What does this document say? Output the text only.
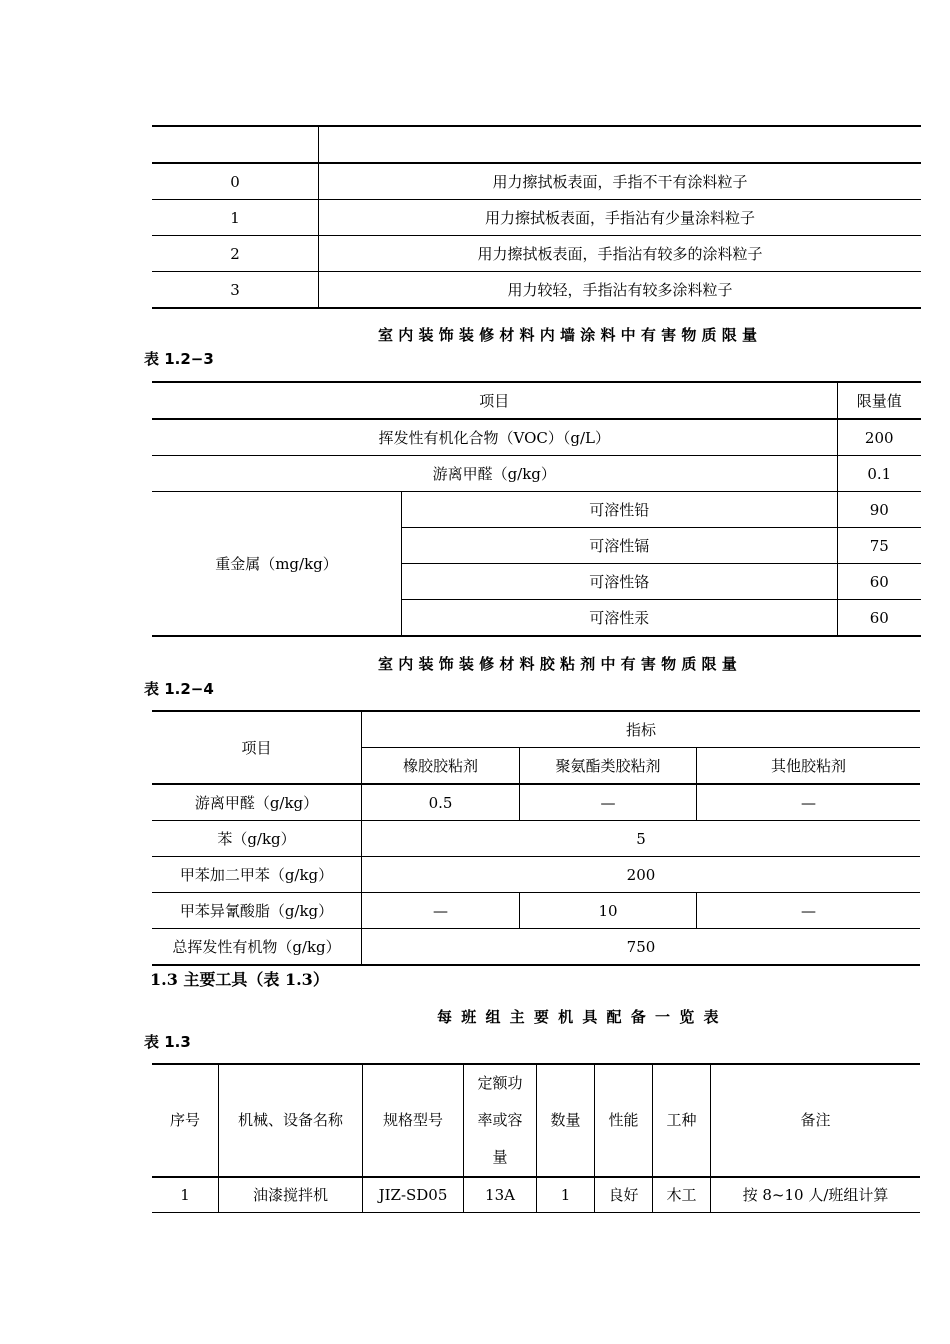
0	用力擦拭板表面，手指不干有涂料粒子
1	用力擦拭板表面，手指沾有少量涂料粒子
2	用力擦拭板表面，手指沾有较多的涂料粒子
3	用力较轻，手指沾有较多涂料粒子
室 内 装 饰 装 修 材 料 内 墙 涂 料 中 有 害 物 质 限 量
表 1.2−3
项目		限量值
挥发性有机化合物（VOC）（g/L）		200
游离甲醛（g/kg）		0.1
重金属（mg/kg）	可溶性铅	90
	可溶性镉	75
	可溶性铬	60
	可溶性汞	60
室 内 装 饰 装 修 材 料 胶 粘 剂 中 有 害 物 质 限 量
表 1.2−4
项目	指标		
	橡胶胶粘剂	聚氨酯类胶粘剂	其他胶粘剂
游离甲醛（g/kg）	0.5	—	—
苯（g/kg）	5		
甲苯加二甲苯（g/kg）	200		
甲苯异氰酸脂（g/kg）	—	10	—
总挥发性有机物（g/kg）	750		
1.3 主要工具（表 1.3）
每 班 组 主 要 机 具 配 备 一 览 表
表 1.3
序号	机械、设备名称	规格型号	定额功
率或容
量	数量	性能	工种	备注
1	油漆搅拌机	JIZ-SD05	13A	1	良好	木工	按 8~10 人/班组计算
